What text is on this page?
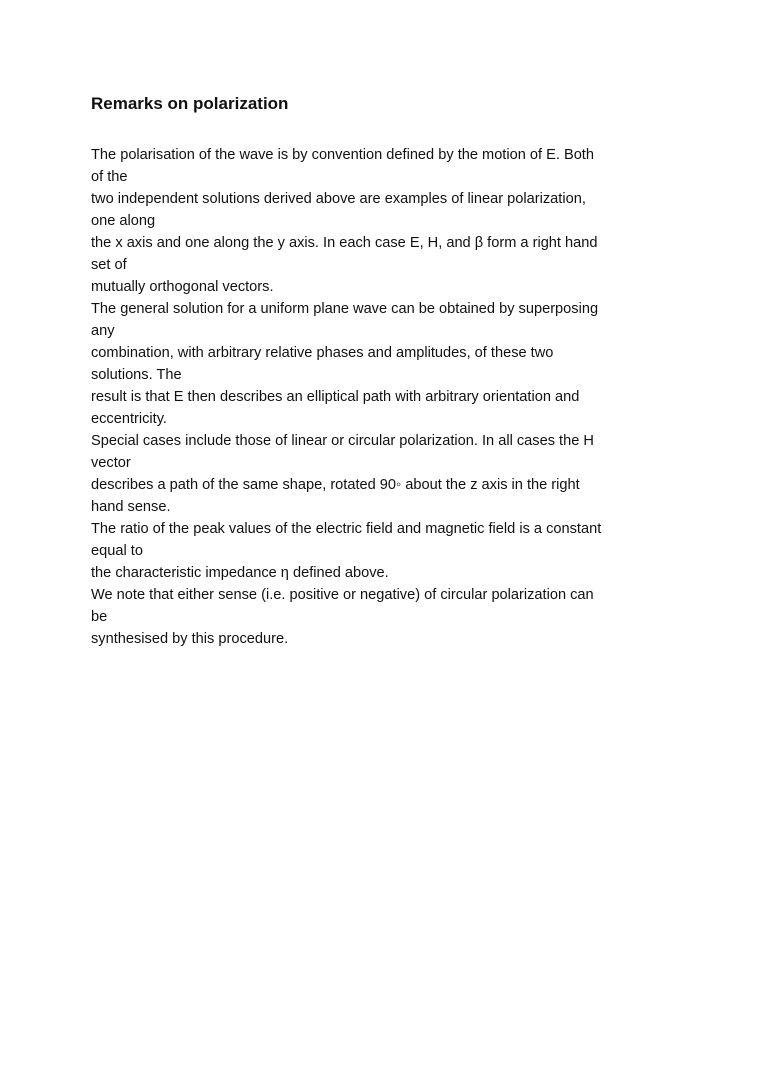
Remarks on polarization
The polarisation of the wave is by convention defined by the motion of E. Both
of the
two independent solutions derived above are examples of linear polarization,
one along
the x axis and one along the y axis. In each case E, H, and β form a right hand
set of
mutually orthogonal vectors.
The general solution for a uniform plane wave can be obtained by superposing
any
combination, with arbitrary relative phases and amplitudes, of these two
solutions. The
result is that E then describes an elliptical path with arbitrary orientation and
eccentricity.
Special cases include those of linear or circular polarization. In all cases the H
vector
describes a path of the same shape, rotated 90◦ about the z axis in the right
hand sense.
The ratio of the peak values of the electric field and magnetic field is a constant
equal to
the characteristic impedance η defined above.
We note that either sense (i.e. positive or negative) of circular polarization can
be
synthesised by this procedure.
